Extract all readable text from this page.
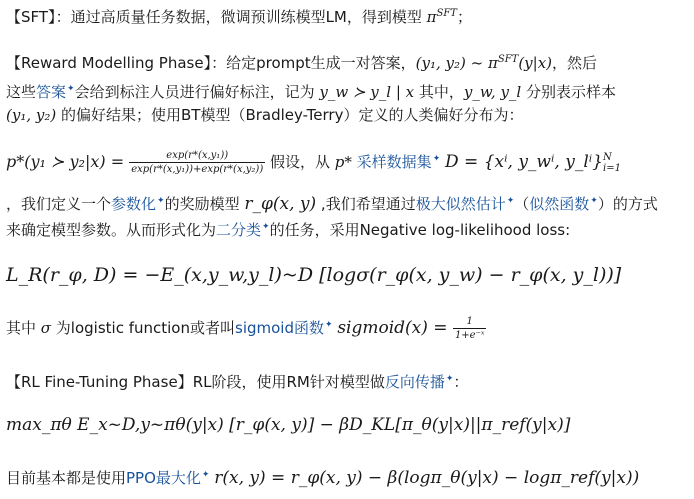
【SFT】：通过高质量任务数据，微调预训练模型LM，得到模型 $\pi^{SFT}$；
【Reward Modelling Phase】：给定prompt生成一对答案，(y₁, y₂) ~ $\pi^{SFT}(y|x)$，然后
这些答案✦会给到标注人员进行偏好标注，记为 y_w ≻ y_l | x 其中，y_w, y_l 分别表示样本
(y₁, y₂) 的偏好结果；使用BT模型（Bradley-Terry）定义的人类偏好分布为：
p*(y₁ ≻ $y_2|x) = \frac{\text{exp(r*(x,y₁))}}{\text{exp(r*(x,y₁))+exp(r*(x,y₂))}}$ 假设，从 p* 采样数据集✦ D = {xⁱ, y_wⁱ, y_lⁱ} N
i=1
，我们定义一个参数化✦的奖励模型 r_φ(x, y) ,我们希望通过极大似然估计✦（似然函数✦）的方式
来确定模型参数。从而形式化为二分类✦的任务，采用Negative log-likelihood loss:
L_R(r_φ, D) = −E_(x,y_w,y_l)~D [logσ(r_φ(x, y_w) − r_φ(x, y_l))]
其中 σ 为logistic function或者叫sigmoid函数✦ sigmoid(x) = $\frac{1}{\text{1+e⁻ˣ}}$
【RL Fine-Tuning Phase】RL阶段，使用RM针对模型做反向传播✦：
max_πθ E_x~D,y~πθ(y|x) [r_φ(x, y)] − βD_KL[π_θ(y|x)||π_ref(y|x)]
目前基本都是使用PPO最大化✦ r(x, y) = r_φ(x, y) − β(logπ_θ(y|x) − logπ_ref(y|x))
